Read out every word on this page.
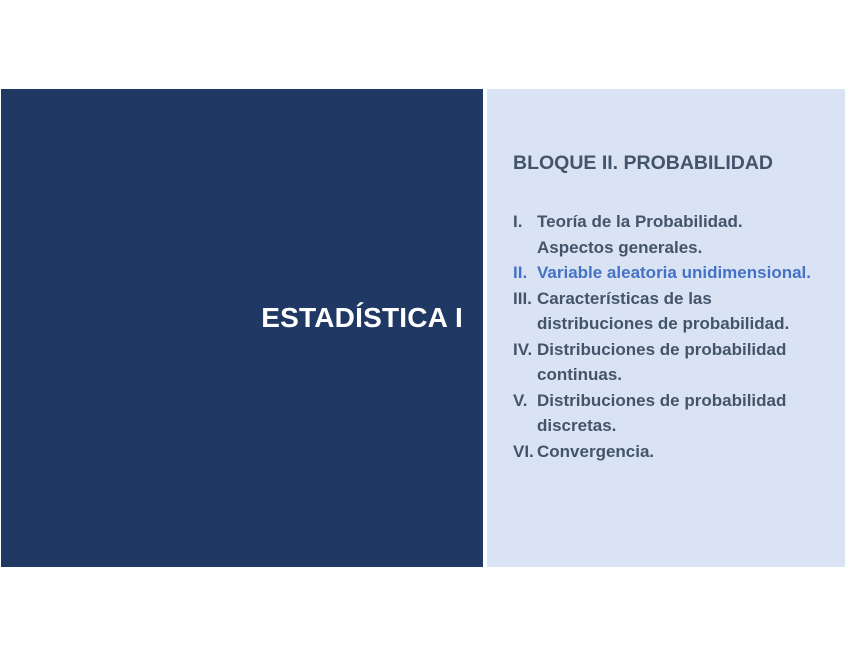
ESTADÍSTICA I
BLOQUE II. PROBABILIDAD
I. Teoría de la Probabilidad. Aspectos generales.
II. Variable aleatoria unidimensional.
III. Características de las distribuciones de probabilidad.
IV. Distribuciones de probabilidad continuas.
V. Distribuciones de probabilidad discretas.
VI. Convergencia.
